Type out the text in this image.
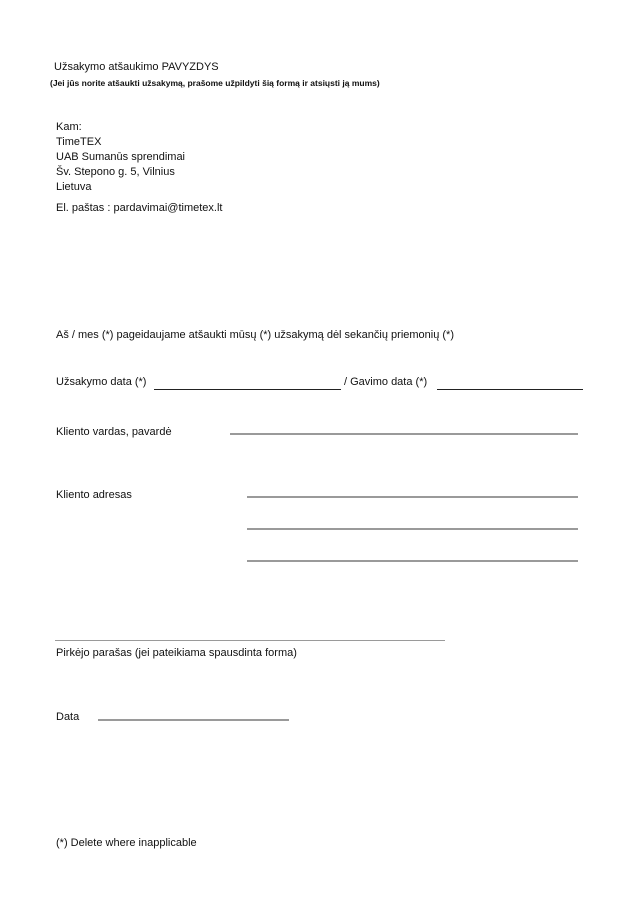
Užsakymo atšaukimo PAVYZDYS
(Jei jūs norite atšaukti užsakymą, prašome užpildyti šią formą ir atsiųsti ją mums)
Kam:
TimeTEX
UAB Sumanūs sprendimai
Šv. Stepono g. 5, Vilnius
Lietuva
El. paštas : pardavimai@timetex.lt
Aš / mes (*) pageidaujame atšaukti mūsų (*) užsakymą dėl sekančių priemonių (*)
Užsakymo data (*)	/ Gavimo data (*)
Kliento vardas, pavardė
Kliento adresas
Pirkėjo parašas (jei pateikiama spausdinta forma)
Data
(*) Delete where inapplicable
